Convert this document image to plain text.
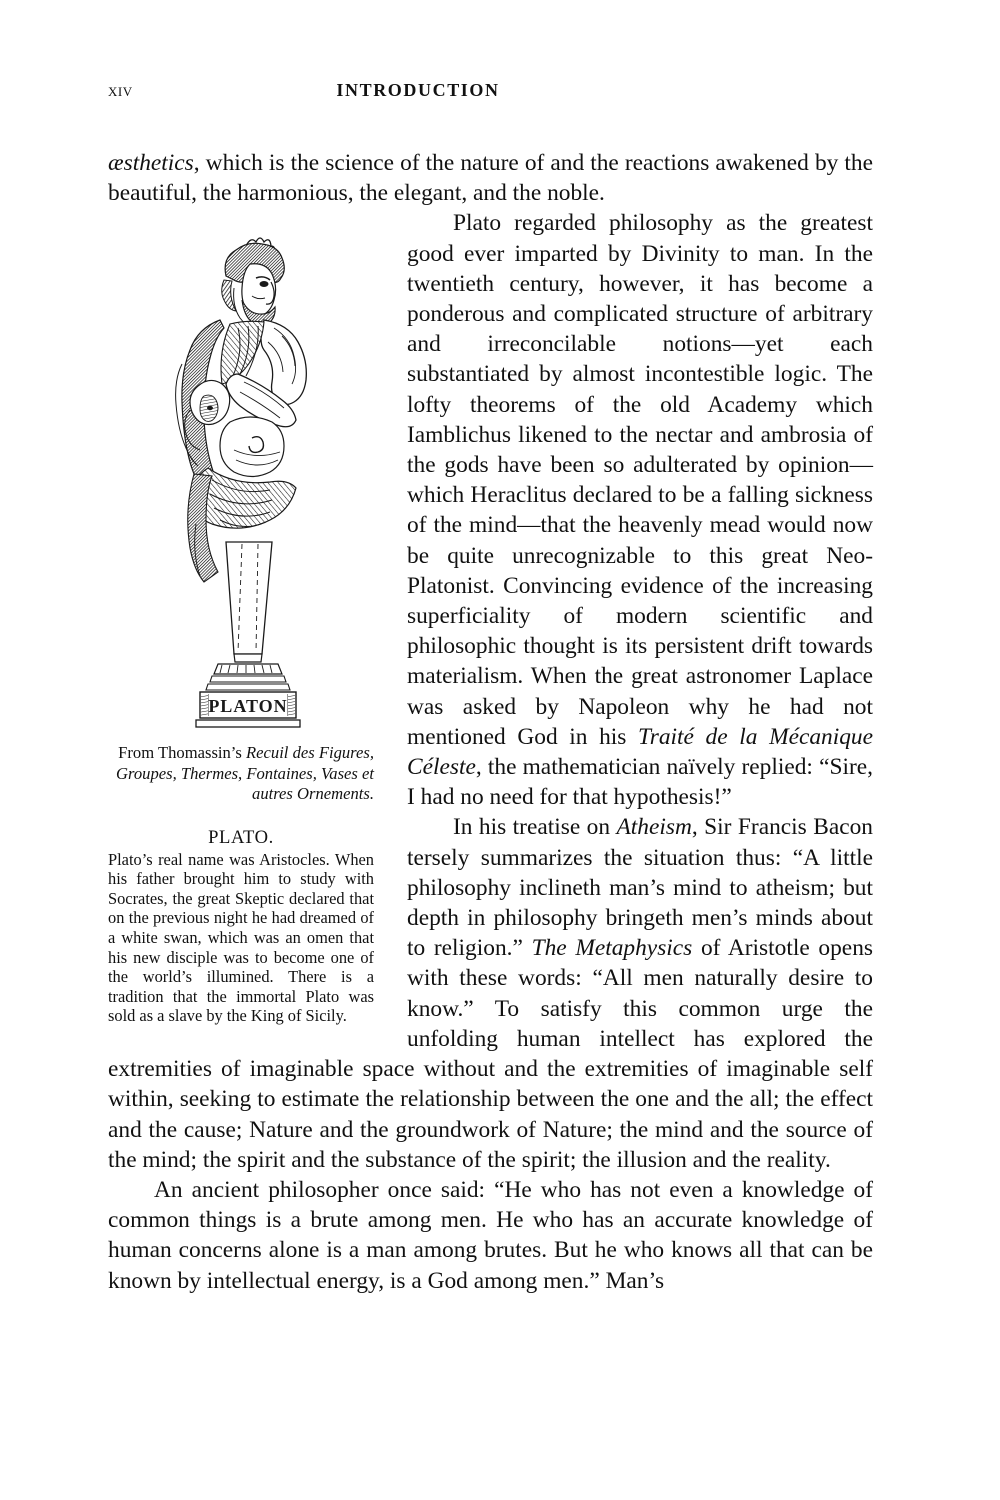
xiv	INTRODUCTION

æsthetics, which is the science of the nature of and the reactions awakened by the beautiful, the harmonious, the elegant, and the noble.

PLATON

From Thomassin’s Recuil des Figures, Groupes, Thermes, Fontaines, Vases et autres Ornements.

PLATO.

Plato’s real name was Aristocles. When his father brought him to study with Socrates, the great Skeptic declared that on the previous night he had dreamed of a white swan, which was an omen that his new disciple was to become one of the world’s illumined. There is a tradition that the immortal Plato was sold as a slave by the King of Sicily.

Plato regarded philosophy as the greatest good ever imparted by Divinity to man. In the twentieth century, however, it has become a ponderous and complicated structure of arbitrary and irreconcilable notions—yet each substantiated by almost incontestible logic. The lofty theorems of the old Academy which Iamblichus likened to the nectar and ambrosia of the gods have been so adulterated by opinion—which Heraclitus declared to be a falling sickness of the mind—that the heavenly mead would now be quite unrecognizable to this great Neo-Platonist. Convincing evidence of the increasing superficiality of modern scientific and philosophic thought is its persistent drift towards materialism. When the great astronomer Laplace was asked by Napoleon why he had not mentioned God in his Traité de la Mécanique Céleste, the mathematician naïvely replied: “Sire, I had no need for that hypothesis!”

In his treatise on Atheism, Sir Francis Bacon tersely summarizes the situation thus: “A little philosophy inclineth man’s mind to atheism; but depth in philosophy bringeth men’s minds about to religion.” The Metaphysics of Aristotle opens with these words: “All men naturally desire to know.” To satisfy this common urge the unfolding human intellect has explored the extremities of imaginable space without and the extremities of imaginable self within, seeking to estimate the relationship between the one and the all; the effect and the cause; Nature and the groundwork of Nature; the mind and the source of the mind; the spirit and the substance of the spirit; the illusion and the reality.

An ancient philosopher once said: “He who has not even a knowledge of common things is a brute among men. He who has an accurate knowledge of human concerns alone is a man among brutes. But he who knows all that can be known by intellectual energy, is a God among men.” Man’s
